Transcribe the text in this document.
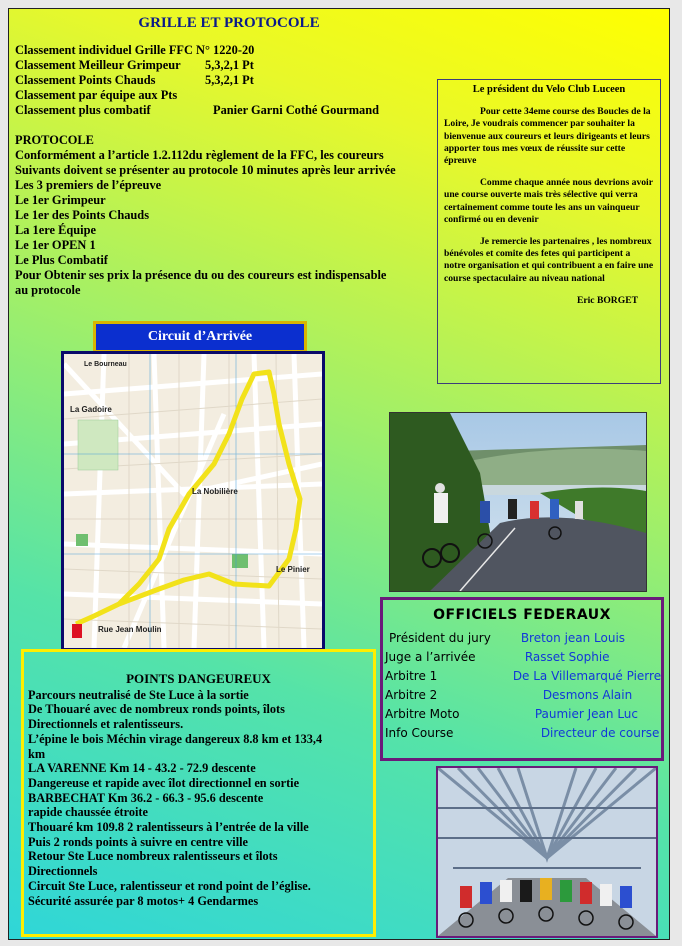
GRILLE ET PROTOCOLE
Classement individuel Grille FFC N° 1220-20
Classement Meilleur Grimpeur 5,3,2,1 Pt
Classement Points Chauds	5,3,2,1 Pt
Classement par équipe aux Pts
Classement plus combatif	Panier Garni Cothé Gourmand
PROTOCOLE
Conformément a l’article 1.2.112du règlement de la FFC, les coureurs
Suivants doivent se présenter au protocole 10 minutes après leur arrivée
Les 3 premiers de l’épreuve
Le 1er Grimpeur
Le 1er des Points Chauds
La 1ere Équipe
Le 1er OPEN 1
Le Plus Combatif
Pour Obtenir ses prix la présence du ou des coureurs est indispensable
au protocole
Le président du Velo Club Luceen

Pour cette 34eme course des Boucles de la Loire, Je voudrais commencer par souhaiter la bienvenue aux coureurs et leurs dirigeants et leurs apporter tous mes vœux de réussite sur cette épreuve

Comme chaque année nous devrions avoir une course ouverte mais très sélective qui verra certainement comme toute les ans un vainqueur confirmé ou en devenir

Je remercie les partenaires , les nombreux bénévoles et comite des fetes qui participent a notre organisation et qui contribuent a en faire une course spectaculaire au niveau national

Eric BORGET
Circuit d’Arrivée
Le Bourneau
La Gadoire
La Nobilière
Le Pinier
Rue Jean Moulin
OFFICIELS FEDERAUX
Président du jury	Breton jean Louis
Juge a l’arrivée	Rasset Sophie
Arbitre 1	De La Villemarqué Pierre
Arbitre 2	Desmons Alain
Arbitre Moto	Paumier Jean Luc
Info Course	Directeur de course
POINTS DANGEUREUX
Parcours neutralisé de Ste Luce à la sortie
De Thouaré avec de nombreux ronds points, îlots
Directionnels et ralentisseurs.
L’épine le bois Méchin virage dangereux 8.8 km et 133,4
km
LA VARENNE Km 14 - 43.2 - 72.9 descente
Dangereuse et rapide avec îlot directionnel en sortie
BARBECHAT Km 36.2 - 66.3 - 95.6 descente
rapide chaussée étroite
Thouaré km 109.8 2 ralentisseurs à l’entrée de la ville
Puis 2 ronds points à suivre en centre ville
Retour Ste Luce nombreux ralentisseurs et îlots
Directionnels
Circuit Ste Luce, ralentisseur et rond point de l’église.
Sécurité assurée par 8 motos+ 4 Gendarmes
